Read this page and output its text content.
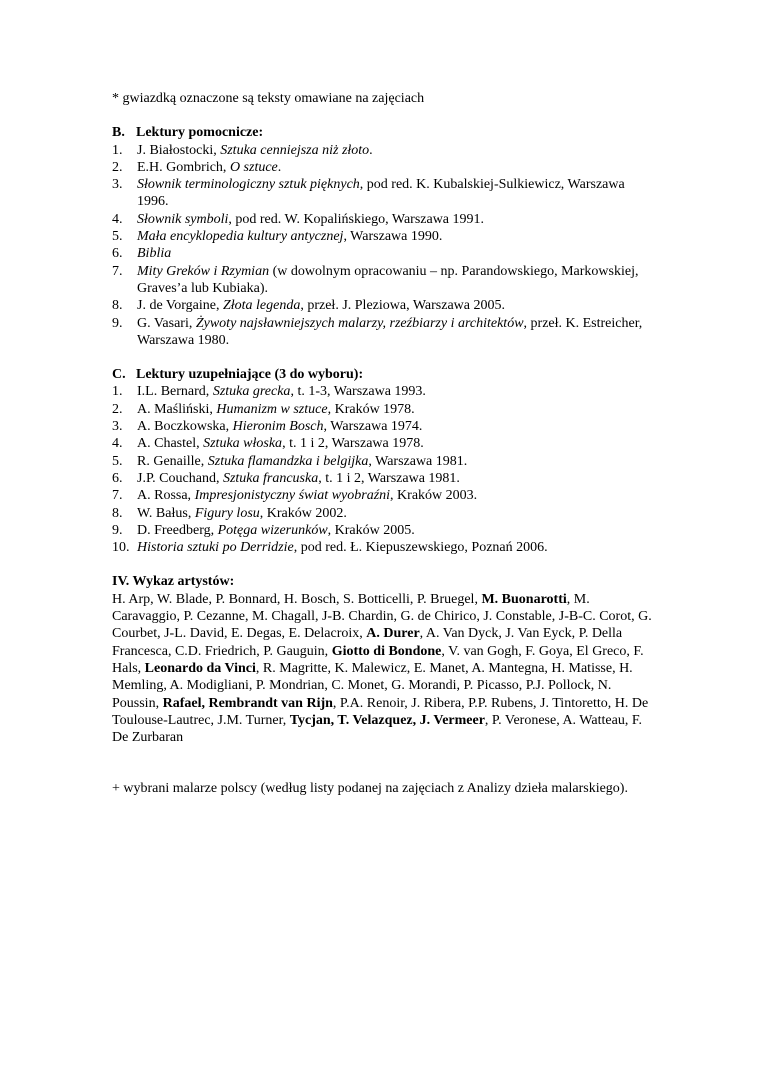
* gwiazdką oznaczone są teksty omawiane na zajęciach

B. Lektury pomocnicze:

1. J. Białostocki, Sztuka cenniejsza niż złoto.
2. E.H. Gombrich, O sztuce.
3. Słownik terminologiczny sztuk pięknych, pod red. K. Kubalskiej-Sulkiewicz, Warszawa 1996.
4. Słownik symboli, pod red. W. Kopalińskiego, Warszawa 1991.
5. Mała encyklopedia kultury antycznej, Warszawa 1990.
6. Biblia
7. Mity Greków i Rzymian (w dowolnym opracowaniu – np. Parandowskiego, Markowskiej, Graves’a lub Kubiaka).
8. J. de Vorgaine, Złota legenda, przeł. J. Pleziowa, Warszawa 2005.
9. G. Vasari, Żywoty najsławniejszych malarzy, rzeźbiarzy i architektów, przeł. K. Estreicher, Warszawa 1980.

C. Lektury uzupełniające (3 do wyboru):

1. I.L. Bernard, Sztuka grecka, t. 1-3, Warszawa 1993.
2. A. Maśliński, Humanizm w sztuce, Kraków 1978.
3. A. Boczkowska, Hieronim Bosch, Warszawa 1974.
4. A. Chastel, Sztuka włoska, t. 1 i 2, Warszawa 1978.
5. R. Genaille, Sztuka flamandzka i belgijka, Warszawa 1981.
6. J.P. Couchand, Sztuka francuska, t. 1 i 2, Warszawa 1981.
7. A. Rossa, Impresjonistyczny świat wyobraźni, Kraków 2003.
8. W. Bałus, Figury losu, Kraków 2002.
9. D. Freedberg, Potęga wizerunków, Kraków 2005.
10. Historia sztuki po Derridzie, pod red. Ł. Kiepuszewskiego, Poznań 2006.

IV. Wykaz artystów:

H. Arp, W. Blade, P. Bonnard, H. Bosch, S. Botticelli, P. Bruegel, M. Buonarotti, M. Caravaggio, P. Cezanne, M. Chagall, J-B. Chardin, G. de Chirico, J. Constable, J-B-C. Corot, G. Courbet, J-L. David, E. Degas, E. Delacroix, A. Durer, A. Van Dyck, J. Van Eyck, P. Della Francesca, C.D. Friedrich, P. Gauguin, Giotto di Bondone, V. van Gogh, F. Goya, El Greco, F. Hals, Leonardo da Vinci, R. Magritte, K. Malewicz, E. Manet, A. Mantegna, H. Matisse, H. Memling, A. Modigliani, P. Mondrian, C. Monet, G. Morandi, P. Picasso, P.J. Pollock, N. Poussin, Rafael, Rembrandt van Rijn, P.A. Renoir, J. Ribera, P.P. Rubens, J. Tintoretto, H. De Toulouse-Lautrec, J.M. Turner, Tycjan, T. Velazquez, J. Vermeer, P. Veronese, A. Watteau, F. De Zurbaran

+ wybrani malarze polscy (według listy podanej na zajęciach z Analizy dzieła malarskiego).
